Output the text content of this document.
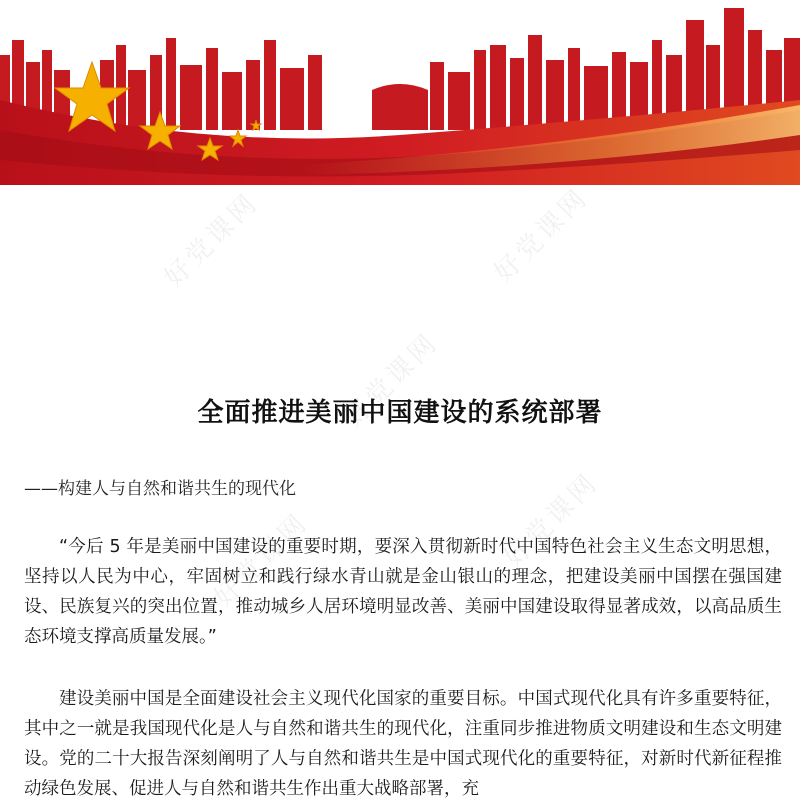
好党课网	好党课网
好党课网
好党课网	好党课网
全面推进美丽中国建设的系统部署
——构建人与自然和谐共生的现代化

“今后 5 年是美丽中国建设的重要时期，要深入贯彻新时代中国特色社会主义生态文明思想，坚持以人民为中心，牢固树立和践行绿水青山就是金山银山的理念，把建设美丽中国摆在强国建设、民族复兴的突出位置，推动城乡人居环境明显改善、美丽中国建设取得显著成效，以高品质生态环境支撑高质量发展。”

建设美丽中国是全面建设社会主义现代化国家的重要目标。中国式现代化具有许多重要特征，其中之一就是我国现代化是人与自然和谐共生的现代化，注重同步推进物质文明建设和生态文明建设。党的二十大报告深刻阐明了人与自然和谐共生是中国式现代化的重要特征，对新时代新征程推动绿色发展、促进人与自然和谐共生作出重大战略部署，充
